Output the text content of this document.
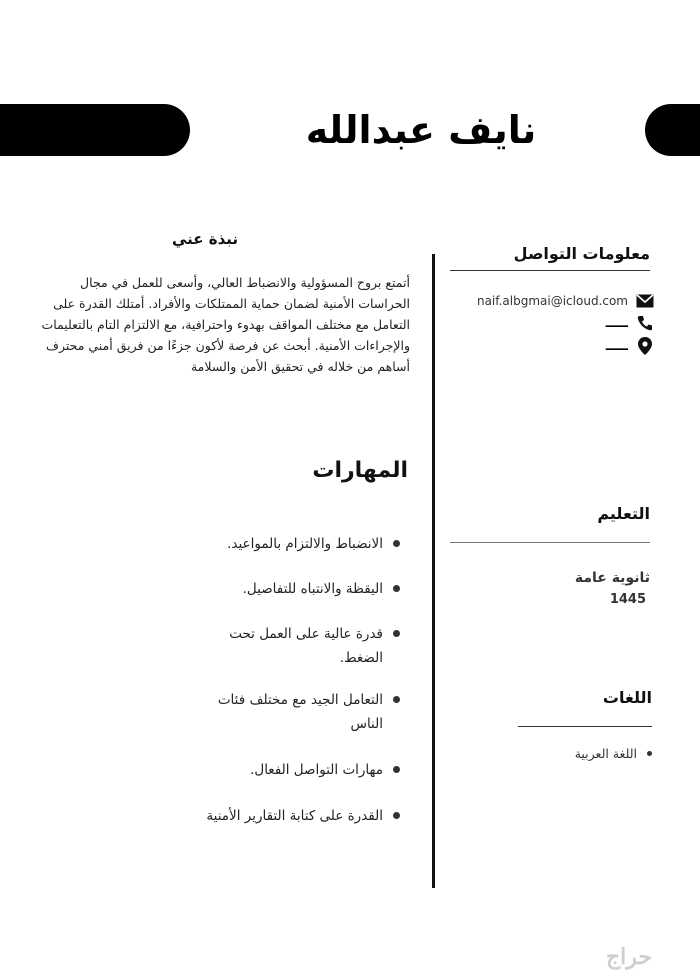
نايف عبدالله
معلومات التواصل
naif.albgmai@icloud.com
ـــــ
ـــــ
التعليم
ثانوية عامة
1445
اللغات
اللغة العربية
نبذة عني
أتمتع بروح المسؤولية والانضباط العالي، وأسعى للعمل في مجال الحراسات الأمنية لضمان حماية الممتلكات والأفراد. أمتلك القدرة على التعامل مع مختلف المواقف بهدوء واحترافية، مع الالتزام التام بالتعليمات والإجراءات الأمنية. أبحث عن فرصة لأكون جزءًا من فريق أمني محترف أساهم من خلاله في تحقيق الأمن والسلامة
المهارات
الانضباط والالتزام بالمواعيد.
اليقظة والانتباه للتفاصيل.
قدرة عالية على العمل تحت الضغط.
التعامل الجيد مع مختلف فئات الناس
مهارات التواصل الفعال.
القدرة على كتابة التقارير الأمنية
حراج
